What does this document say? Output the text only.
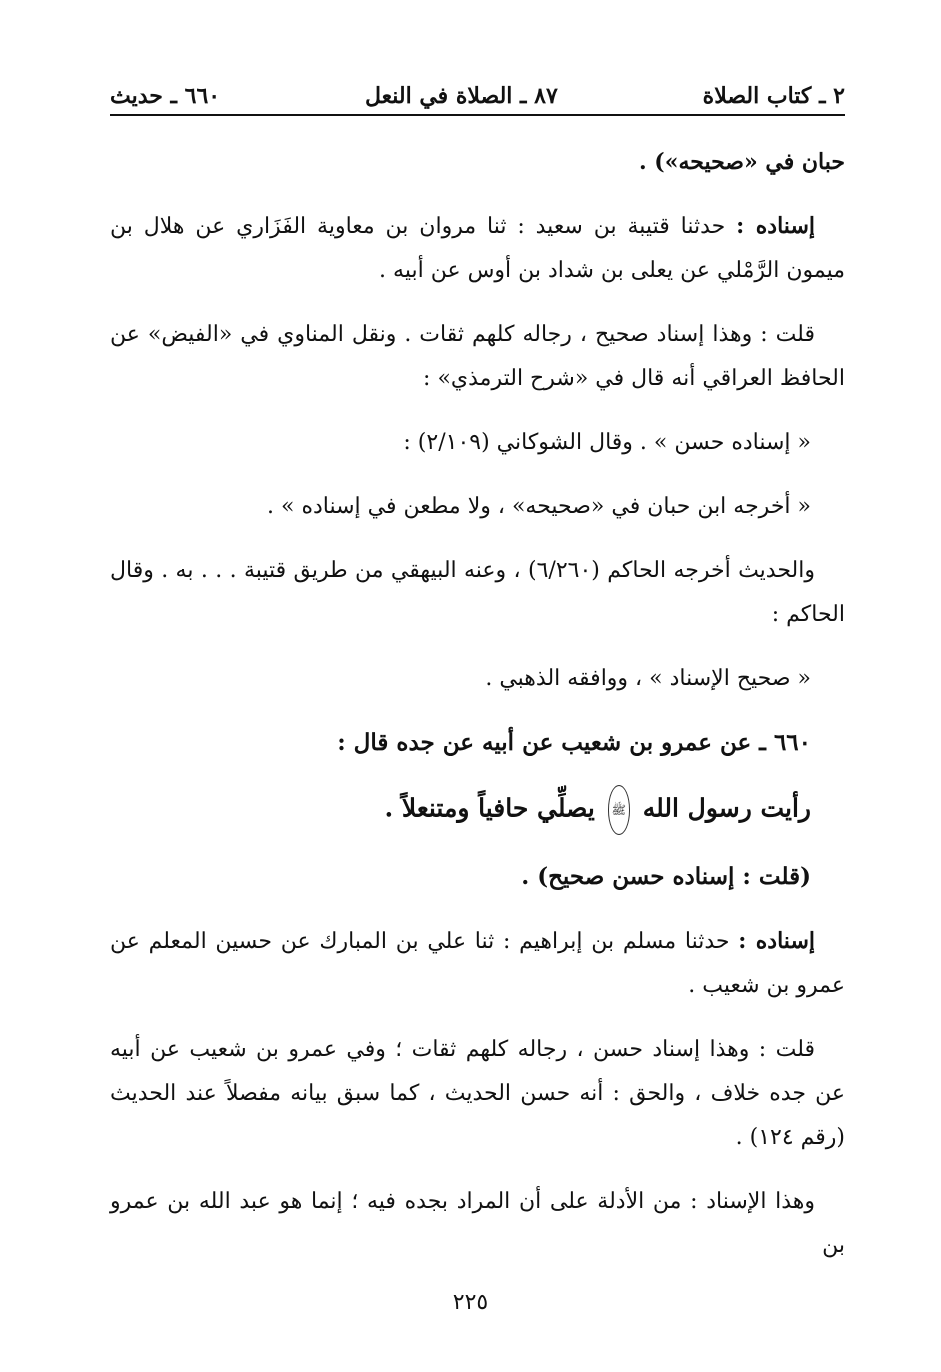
٢ ـ كتاب الصلاة
٨٧ ـ الصلاة في النعل
٦٦٠ ـ حديث

حبان في «صحيحه») .

إسناده : حدثنا قتيبة بن سعيد : ثنا مروان بن معاوية الفَزَاري عن هلال بن ميمون الرَّمْلي عن يعلى بن شداد بن أوس عن أبيه .

قلت : وهذا إسناد صحيح ، رجاله كلهم ثقات . ونقل المناوي في «الفيض» عن الحافظ العراقي أنه قال في «شرح الترمذي» :

« إسناده حسن » . وقال الشوكاني (٢/١٠٩) :

« أخرجه ابن حبان في «صحيحه» ، ولا مطعن في إسناده » .

والحديث أخرجه الحاكم (٦/٢٦٠) ، وعنه البيهقي من طريق قتيبة . . . به . وقال الحاكم :

« صحيح الإسناد » ، ووافقه الذهبي .

٦٦٠ ـ عن عمرو بن شعيب عن أبيه عن جده قال :

رأيت رسول الله ﷺ يصلِّي حافياً ومتنعلاً .

(قلت : إسناده حسن صحيح) .

إسناده : حدثنا مسلم بن إبراهيم : ثنا علي بن المبارك عن حسين المعلم عن عمرو بن شعيب .

قلت : وهذا إسناد حسن ، رجاله كلهم ثقات ؛ وفي عمرو بن شعيب عن أبيه عن جده خلاف ، والحق : أنه حسن الحديث ، كما سبق بيانه مفصلاً عند الحديث (رقم ١٢٤) .

وهذا الإسناد : من الأدلة على أن المراد بجده فيه ؛ إنما هو عبد الله بن عمرو بن

٢٢٥
